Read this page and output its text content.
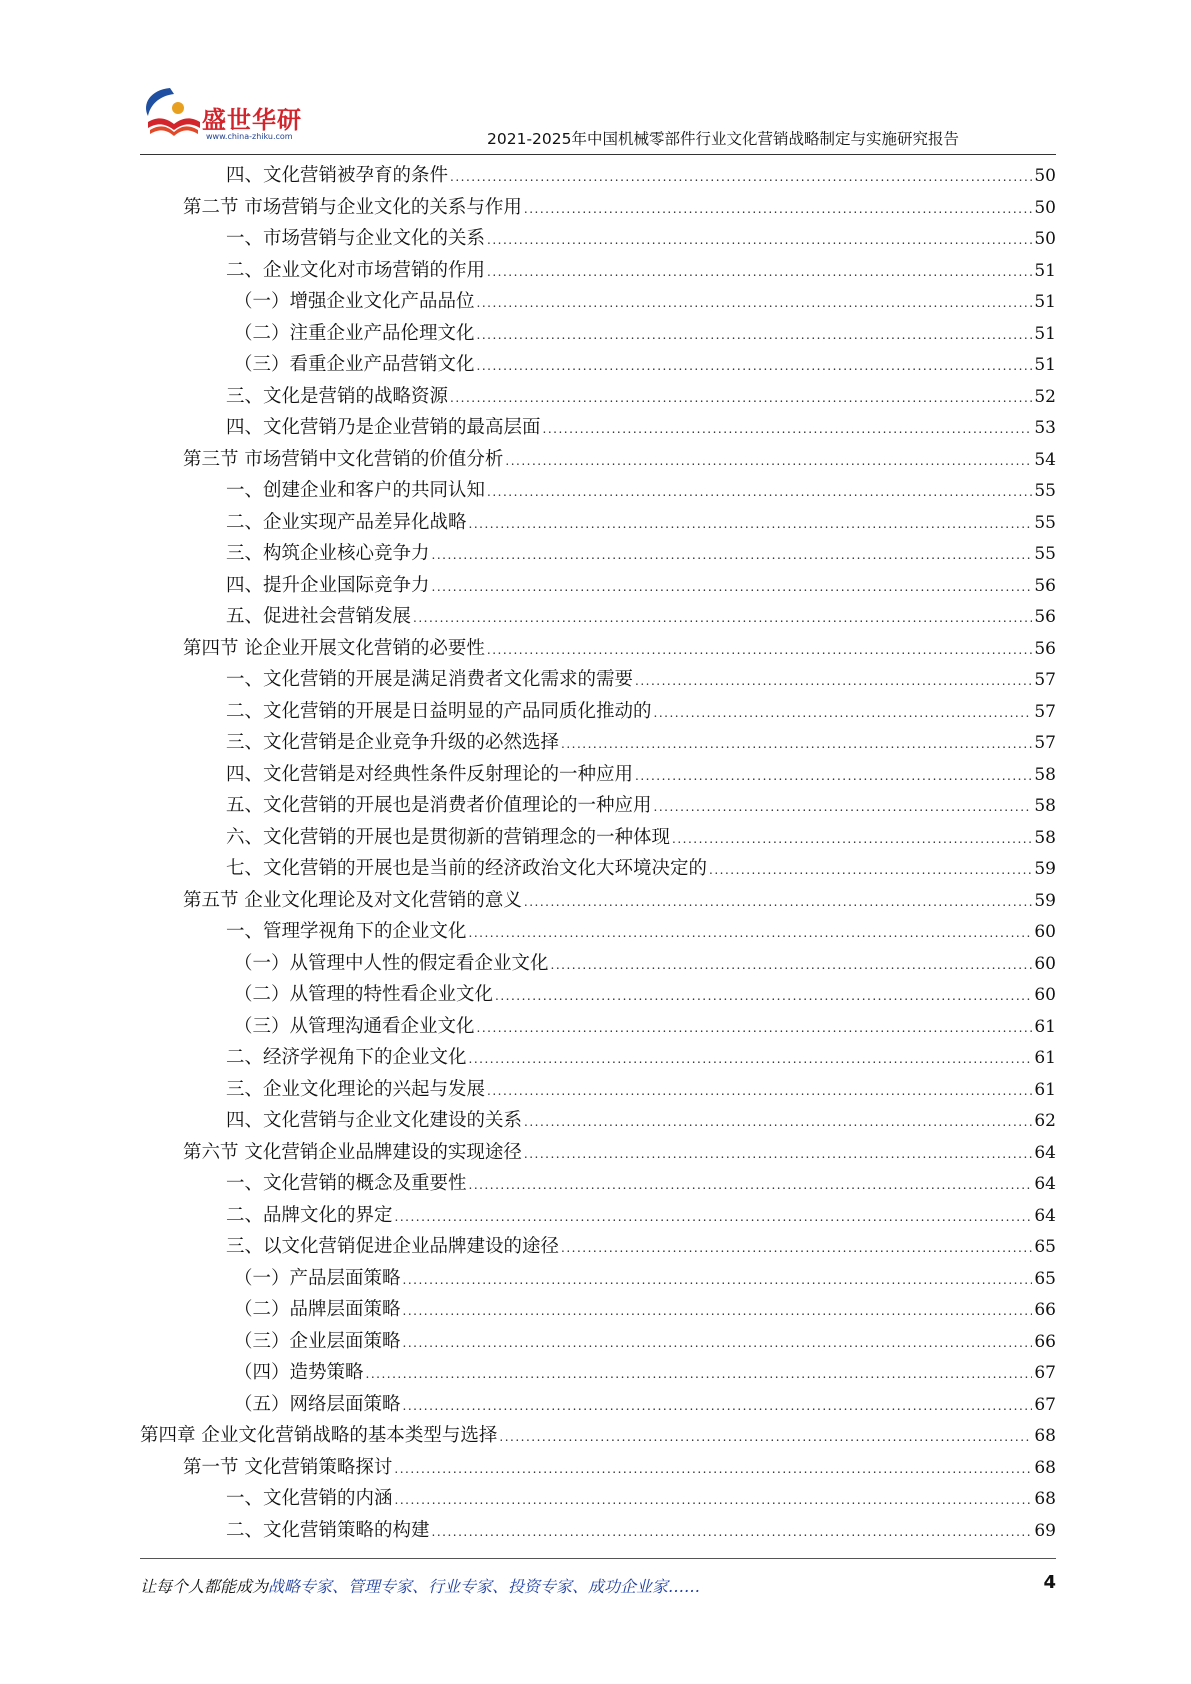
盛世华研
www.china-zhiku.com	2021-2025年中国机械零部件行业文化营销战略制定与实施研究报告
四、文化营销被孕育的条件 .....	50
第二节 市场营销与企业文化的关系与作用 .....	50
一、市场营销与企业文化的关系 .....	50
二、企业文化对市场营销的作用 .....	51
（一）增强企业文化产品品位 .....	51
（二）注重企业产品伦理文化 .....	51
（三）看重企业产品营销文化 .....	51
三、文化是营销的战略资源 .....	52
四、文化营销乃是企业营销的最高层面 .....	53
第三节 市场营销中文化营销的价值分析 .....	54
一、创建企业和客户的共同认知 .....	55
二、企业实现产品差异化战略 .....	55
三、构筑企业核心竞争力 .....	55
四、提升企业国际竞争力 .....	56
五、促进社会营销发展 .....	56
第四节 论企业开展文化营销的必要性 .....	56
一、文化营销的开展是满足消费者文化需求的需要 .....	57
二、文化营销的开展是日益明显的产品同质化推动的 .....	57
三、文化营销是企业竞争升级的必然选择 .....	57
四、文化营销是对经典性条件反射理论的一种应用 .....	58
五、文化营销的开展也是消费者价值理论的一种应用 .....	58
六、文化营销的开展也是贯彻新的营销理念的一种体现 .....	58
七、文化营销的开展也是当前的经济政治文化大环境决定的 .....	59
第五节 企业文化理论及对文化营销的意义 .....	59
一、管理学视角下的企业文化 .....	60
（一）从管理中人性的假定看企业文化 .....	60
（二）从管理的特性看企业文化 .....	60
（三）从管理沟通看企业文化 .....	61
二、经济学视角下的企业文化 .....	61
三、企业文化理论的兴起与发展 .....	61
四、文化营销与企业文化建设的关系 .....	62
第六节 文化营销企业品牌建设的实现途径 .....	64
一、文化营销的概念及重要性 .....	64
二、品牌文化的界定 .....	64
三、以文化营销促进企业品牌建设的途径 .....	65
（一）产品层面策略 .....	65
（二）品牌层面策略 .....	66
（三）企业层面策略 .....	66
（四）造势策略 .....	67
（五）网络层面策略 .....	67
第四章 企业文化营销战略的基本类型与选择 .....	68
第一节 文化营销策略探讨 .....	68
一、文化营销的内涵 .....	68
二、文化营销策略的构建 .....	69
让每个人都能成为战略专家、管理专家、行业专家、投资专家、成功企业家……	4
